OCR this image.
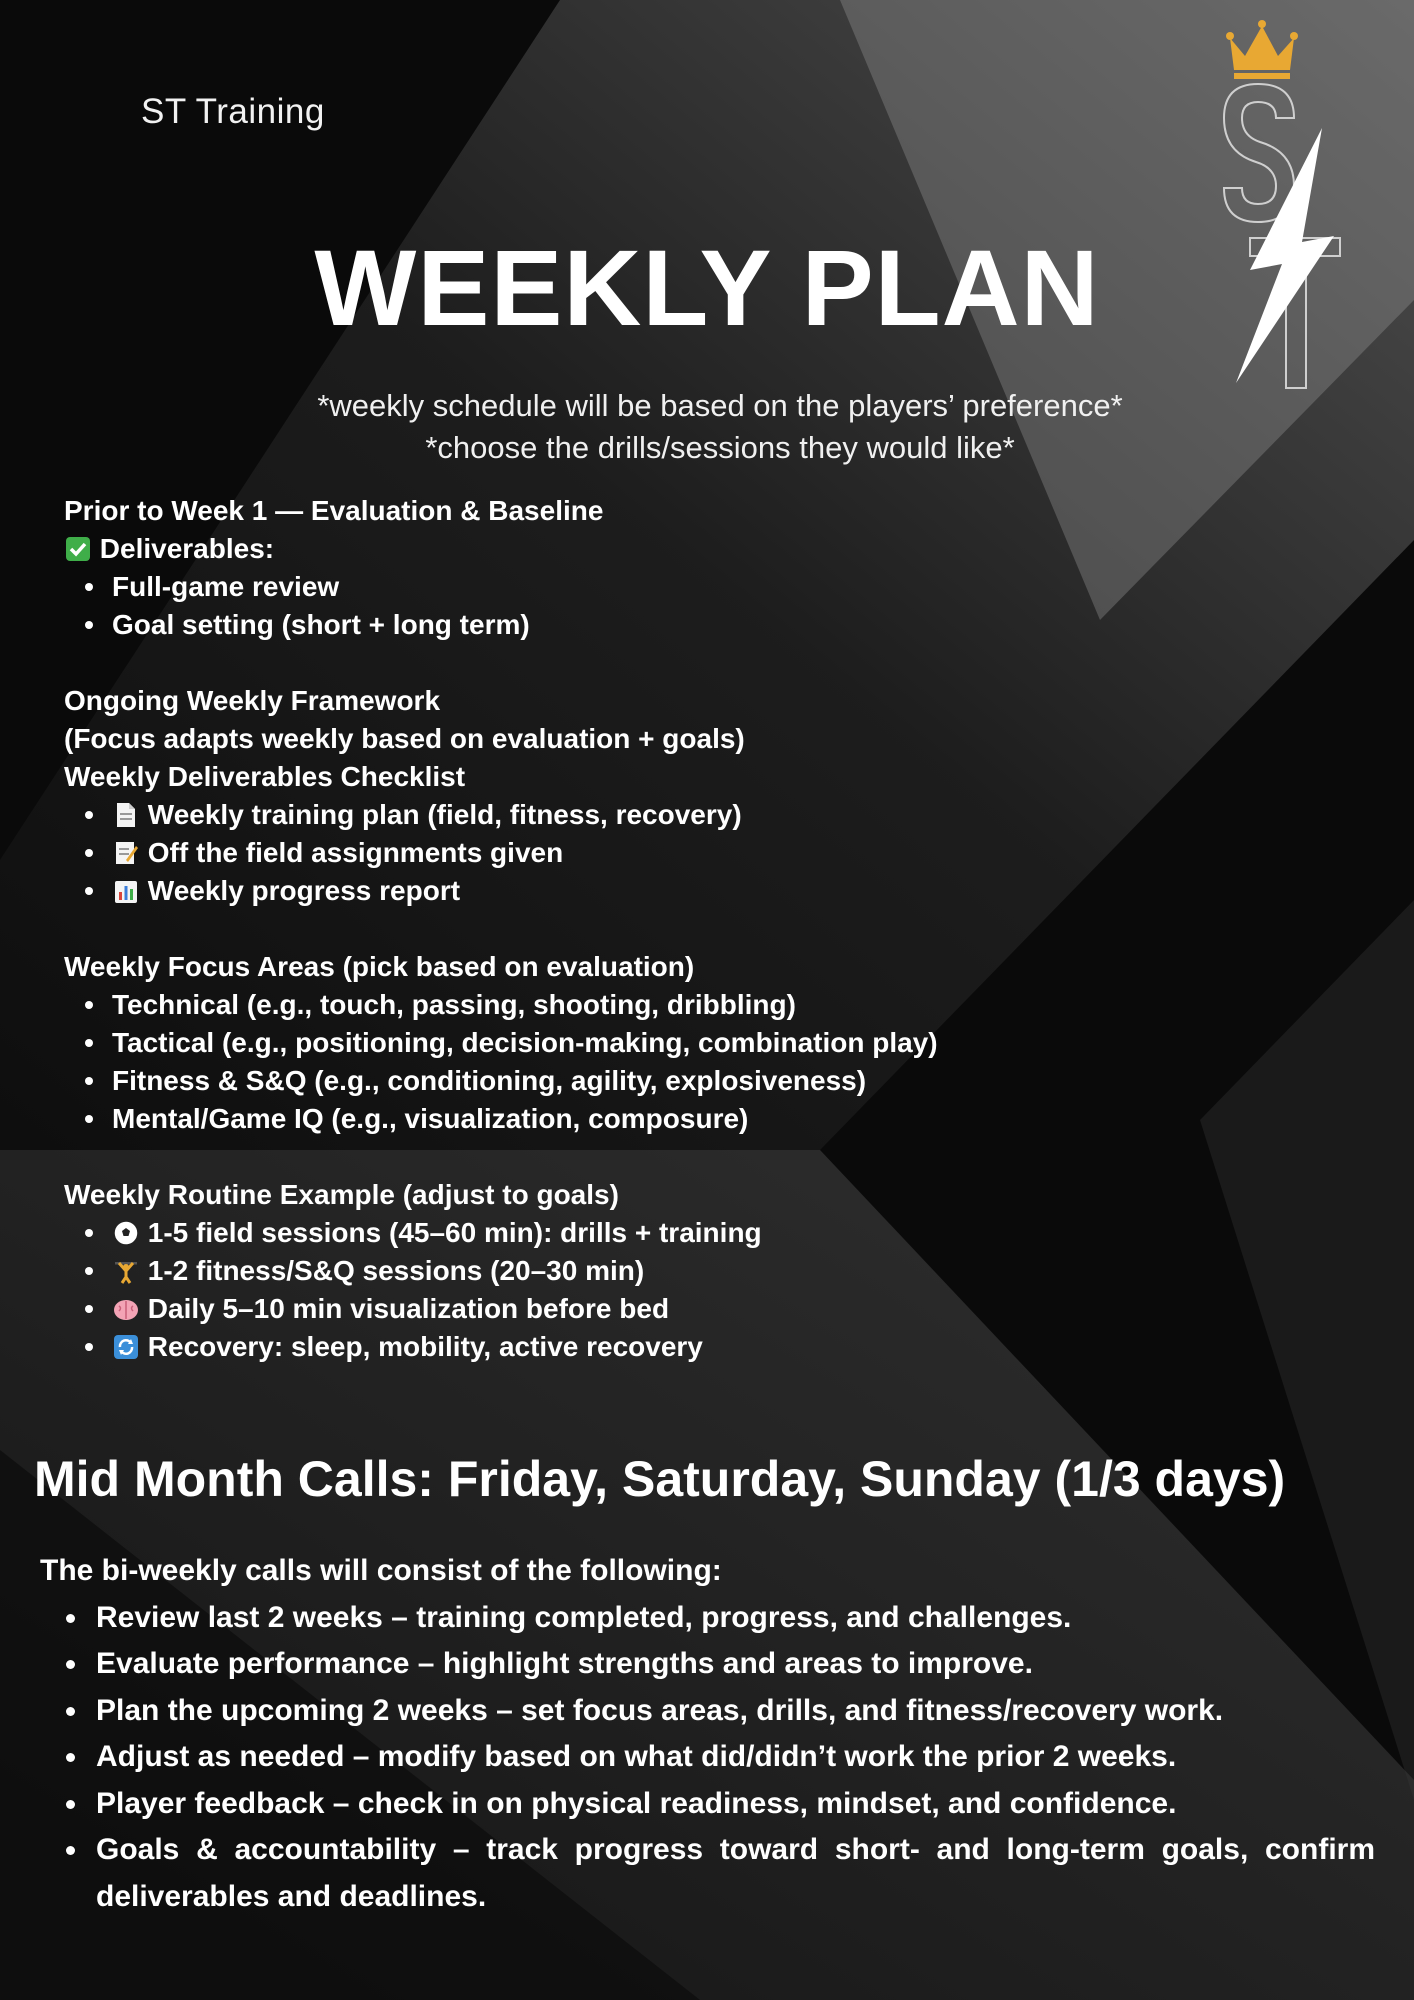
ST Training
WEEKLY PLAN
*weekly schedule will be based on the players’ preference*
*choose the drills/sessions they would like*

Prior to Week 1 — Evaluation & Baseline

Deliverables:

Full-game review
Goal setting (short + long term)

Ongoing Weekly Framework

(Focus adapts weekly based on evaluation + goals)

Weekly Deliverables Checklist

Weekly training plan (field, fitness, recovery)
Off the field assignments given
Weekly progress report

Weekly Focus Areas (pick based on evaluation)

Technical (e.g., touch, passing, shooting, dribbling)
Tactical (e.g., positioning, decision-making, combination play)
Fitness & S&Q (e.g., conditioning, agility, explosiveness)
Mental/Game IQ (e.g., visualization, composure)

Weekly Routine Example (adjust to goals)

1-5 field sessions (45–60 min): drills + training
1-2 fitness/S&Q sessions (20–30 min)
Daily 5–10 min visualization before bed
Recovery: sleep, mobility, active recovery
Mid Month Calls: Friday, Saturday, Sunday (1/3 days)

The bi-weekly calls will consist of the following:

Review last 2 weeks – training completed, progress, and challenges.
Evaluate performance – highlight strengths and areas to improve.
Plan the upcoming 2 weeks – set focus areas, drills, and fitness/recovery work.
Adjust as needed – modify based on what did/didn’t work the prior 2 weeks.
Player feedback – check in on physical readiness, mindset, and confidence.
Goals & accountability – track progress toward short- and long-term goals, confirm deliverables and deadlines.
